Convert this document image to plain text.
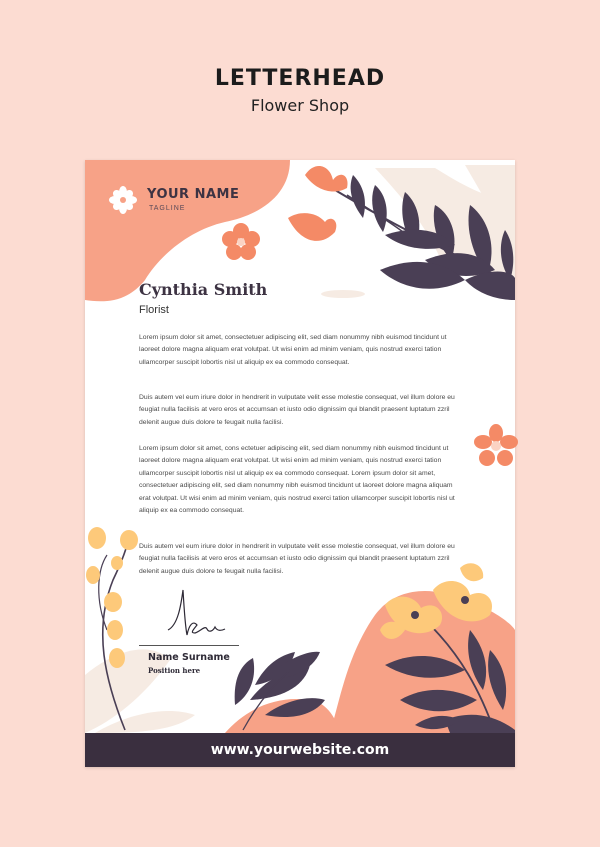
LETTERHEAD
Flower Shop
YOUR NAME
TAGLINE
Cynthia Smith
Florist

Lorem ipsum dolor sit amet, consectetuer adipiscing elit, sed diam nonummy nibh euismod tincidunt ut laoreet dolore magna aliquam erat volutpat. Ut wisi enim ad minim veniam, quis nostrud exerci tation ullamcorper suscipit lobortis nisl ut aliquip ex ea commodo consequat.

Duis autem vel eum iriure dolor in hendrerit in vulputate velit esse molestie consequat, vel illum dolore eu feugiat nulla facilisis at vero eros et accumsan et iusto odio dignissim qui blandit praesent luptatum zzril delenit augue duis dolore te feugait nulla facilisi.

Lorem ipsum dolor sit amet, cons ectetuer adipiscing elit, sed diam nonummy nibh euismod tincidunt ut laoreet dolore magna aliquam erat volutpat. Ut wisi enim ad minim veniam, quis nostrud exerci tation ullamcorper suscipit lobortis nisl ut aliquip ex ea commodo consequat. Lorem ipsum dolor sit amet, consectetuer adipiscing elit, sed diam nonummy nibh euismod tincidunt ut laoreet dolore magna aliquam erat volutpat. Ut wisi enim ad minim veniam, quis nostrud exerci tation ullamcorper suscipit lobortis nisl ut aliquip ex ea commodo consequat.

Duis autem vel eum iriure dolor in hendrerit in vulputate velit esse molestie consequat, vel illum dolore eu feugiat nulla facilisis at vero eros et accumsan et iusto odio dignissim qui blandit praesent luptatum zzril delenit augue duis dolore te feugait nulla facilisi.

Name Surname
Position here
www.yourwebsite.com
